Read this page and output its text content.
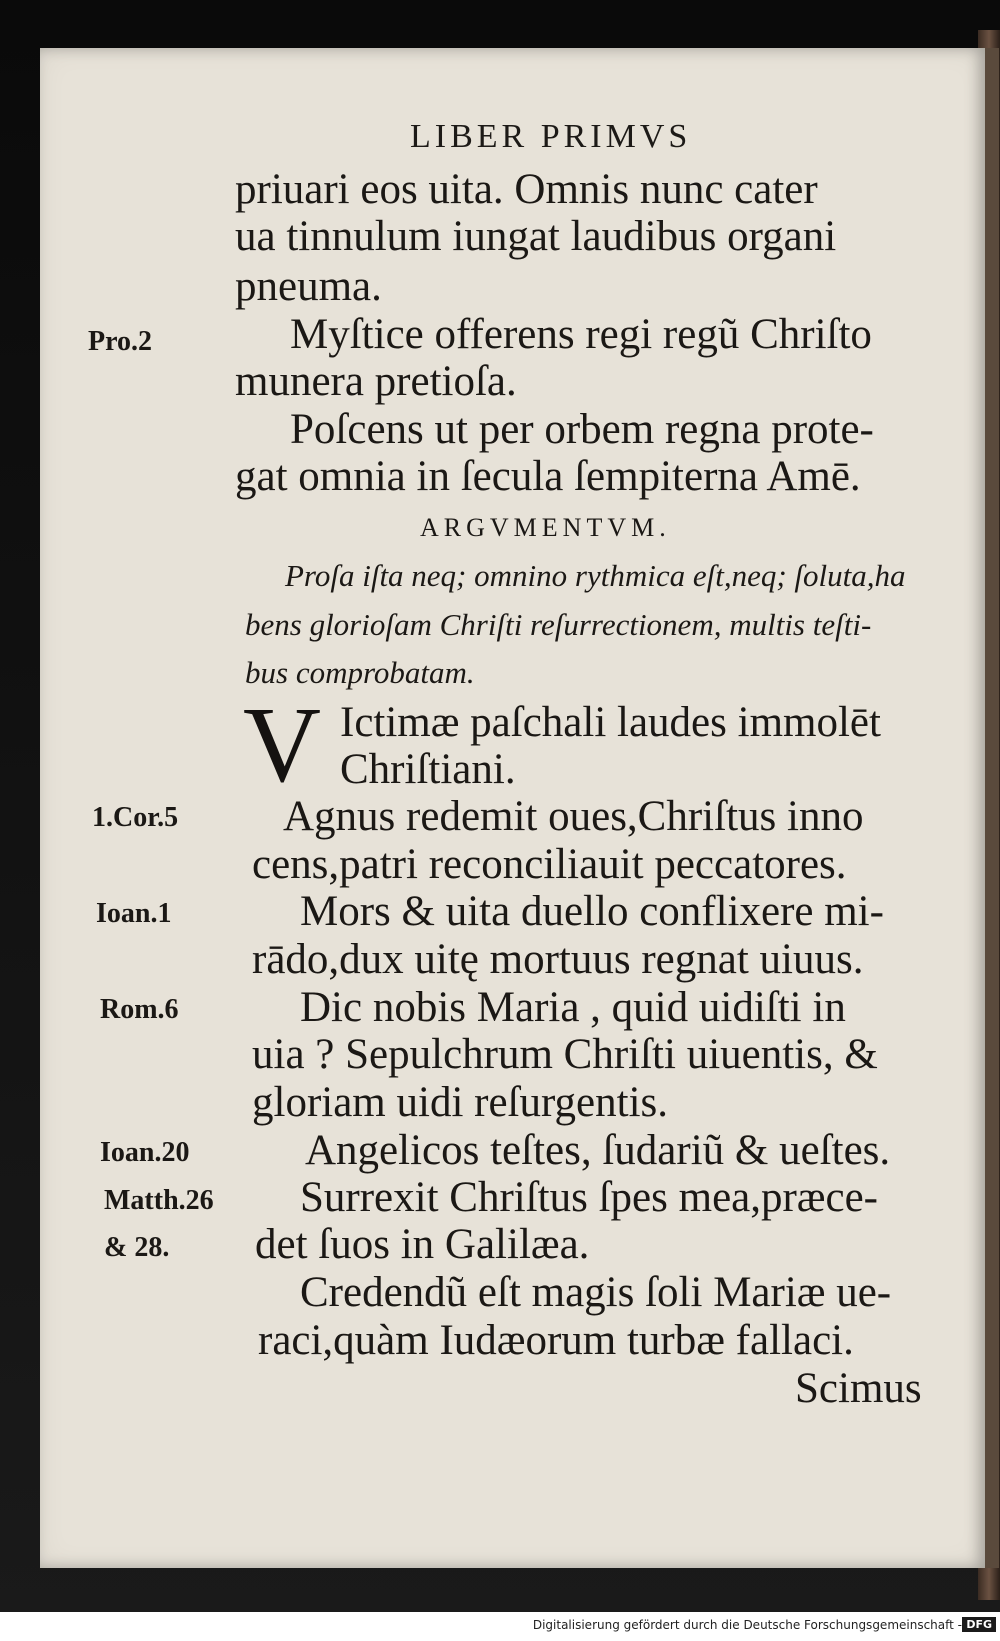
LIBER PRIMVS
priuari eos uita. Omnis nunc cater
ua tinnulum iungat laudibus organi
pneuma.
Myſtice offerens regi regũ Chriſto
munera pretioſa.
Poſcens ut per orbem regna prote-
gat omnia in ſecula ſempiterna Amē.
ARGVMENTVM.
Proſa iſta neq; omnino rythmica eſt,neq; ſoluta,ha
bens glorioſam Chriſti reſurrectionem, multis teſti-
bus comprobatam.
V Ictimæ paſchali laudes immolēt
Chriſtiani.
Agnus redemit oues,Chriſtus inno
cens,patri reconciliauit peccatores.
Mors & uita duello conflixere mi-
rādo,dux uitę mortuus regnat uiuus.
Dic nobis Maria , quid uidiſti in
uia ? Sepulchrum Chriſti uiuentis, &
gloriam uidi reſurgentis.
Angelicos teſtes, ſudariũ & ueſtes.
Surrexit Chriſtus ſpes mea,præce-
det ſuos in Galilæa.
Credendũ eſt magis ſoli Mariæ ue-
raci,quàm Iudæorum turbæ fallaci.
Scimus
Pro.2
1.Cor.5
Ioan.1
Rom.6
Ioan.20
Matth.26
& 28.
Digitalisierung gefördert durch die Deutsche Forschungsgemeinschaft - DFG
